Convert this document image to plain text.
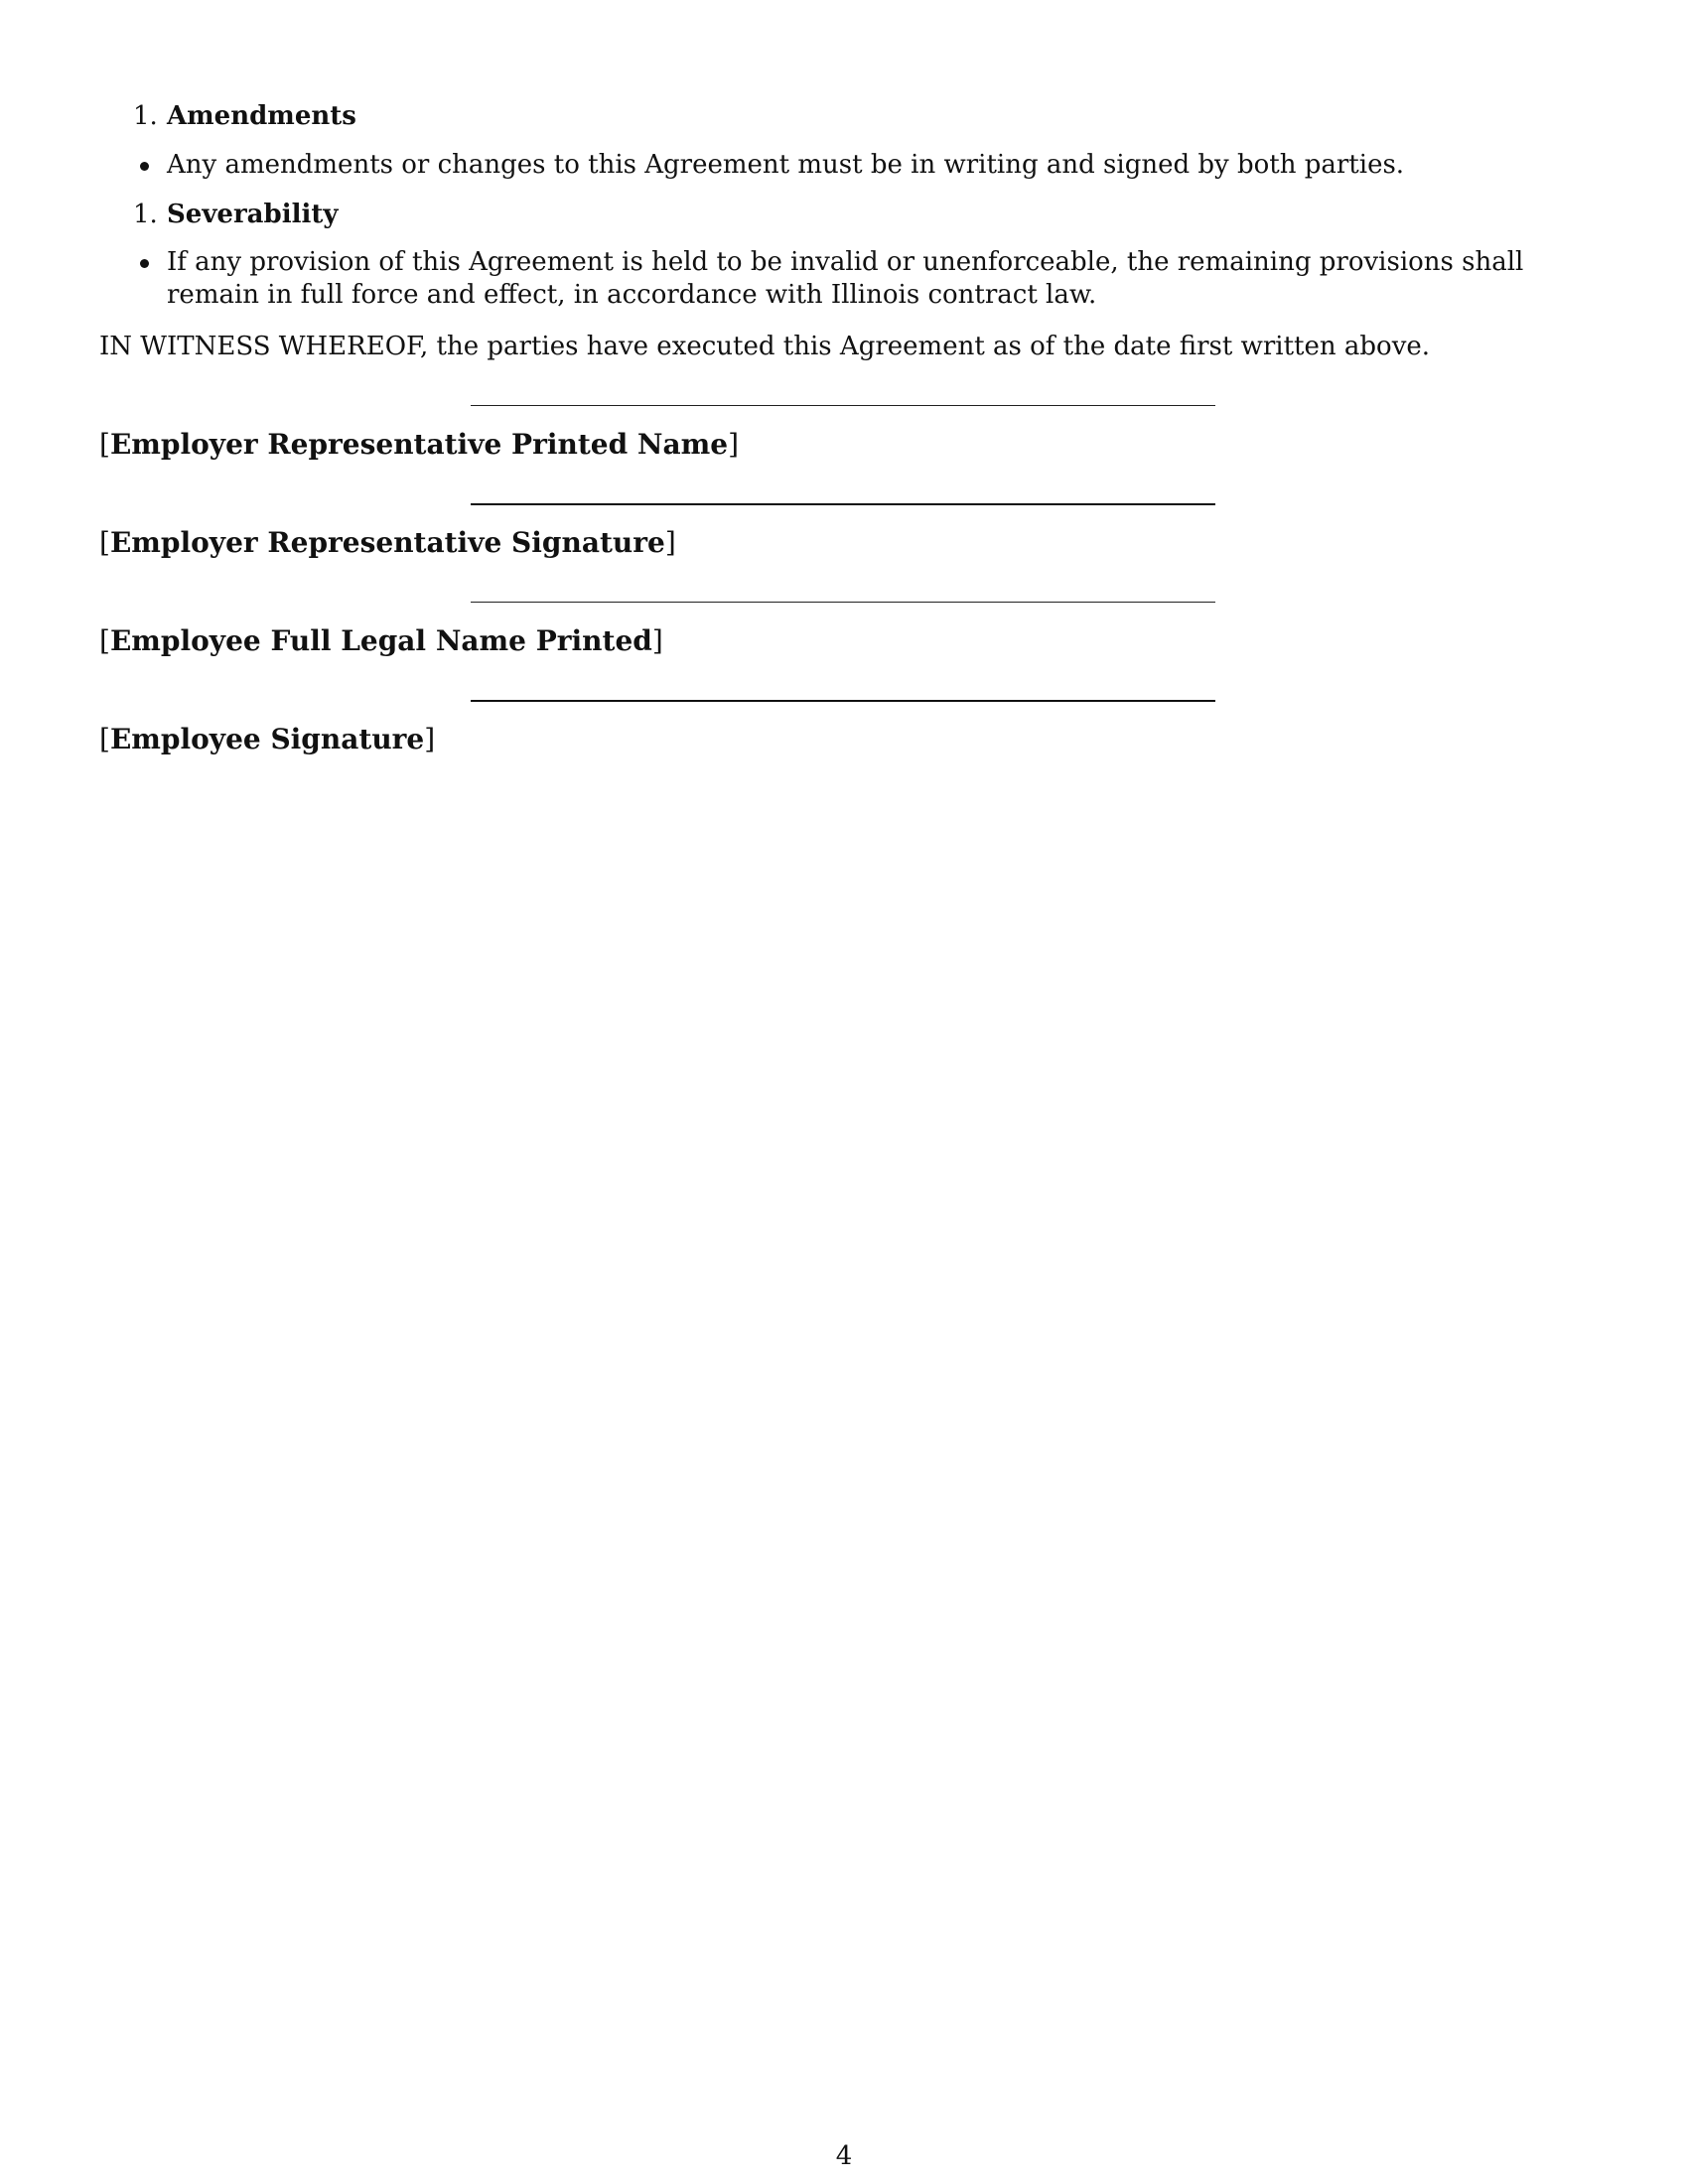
1. Amendments
Any amendments or changes to this Agreement must be in writing and signed by both parties.
1. Severability
If any provision of this Agreement is held to be invalid or unenforceable, the remaining provisions shall remain in full force and effect, in accordance with Illinois contract law.
IN WITNESS WHEREOF, the parties have executed this Agreement as of the date first written above.
[Employer Representative Printed Name]
[Employer Representative Signature]
[Employee Full Legal Name Printed]
[Employee Signature]
4
